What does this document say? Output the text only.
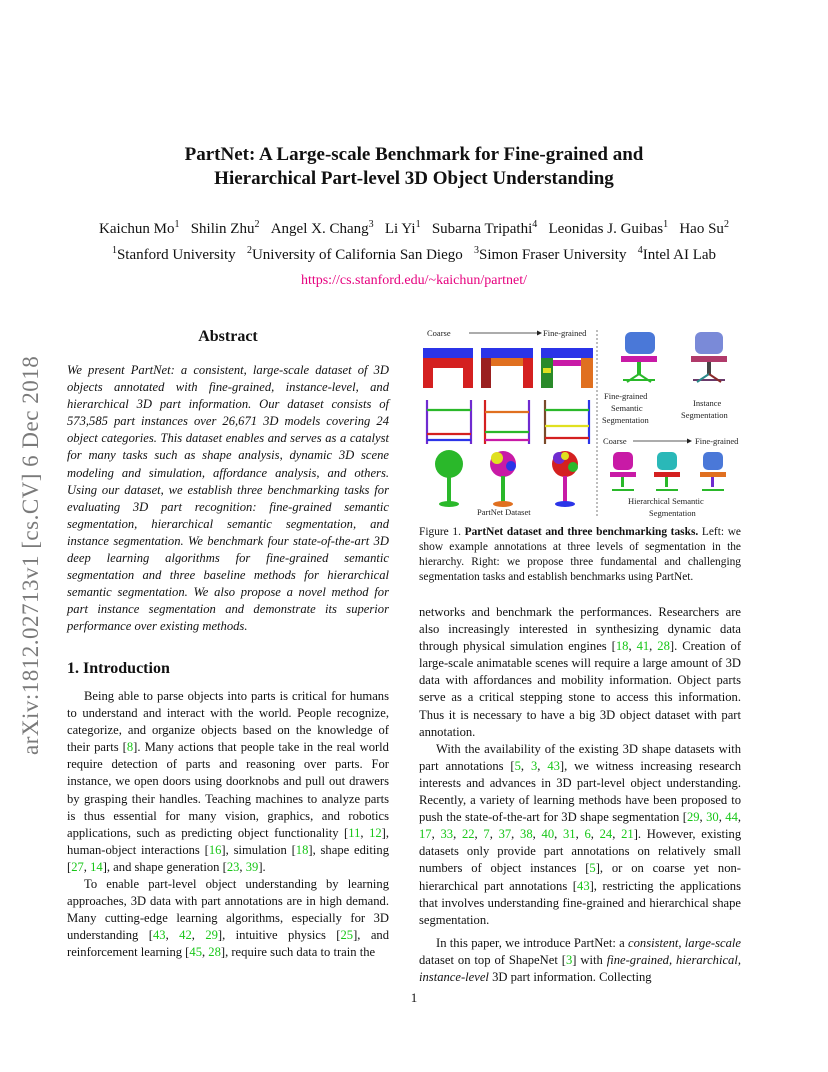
arXiv:1812.02713v1 [cs.CV] 6 Dec 2018
PartNet: A Large-scale Benchmark for Fine-grained and
Hierarchical Part-level 3D Object Understanding
Kaichun Mo$^1$ Shilin Zhu$^2$ Angel X. Chang$^3$ Li Yi$^1$ Subarna Tripathi$^4$ Leonidas J. Guibas$^1$ Hao Su$^2$
$^1$Stanford University $^2$University of California San Diego $^3$Simon Fraser University $^4$Intel AI Lab
https://cs.stanford.edu/~kaichun/partnet/
Abstract
We present PartNet: a consistent, large-scale dataset of 3D objects annotated with fine-grained, instance-level, and hierarchical 3D part information. Our dataset consists of 573,585 part instances over 26,671 3D models covering 24 object categories. This dataset enables and serves as a catalyst for many tasks such as shape analysis, dynamic 3D scene modeling and simulation, affordance analysis, and others. Using our dataset, we establish three benchmarking tasks for evaluating 3D part recognition: fine-grained semantic segmentation, hierarchical semantic segmentation, and instance segmentation. We benchmark four state-of-the-art 3D deep learning algorithms for fine-grained semantic segmentation and three baseline methods for hierarchical semantic segmentation. We also propose a novel method for part instance segmentation and demonstrate its superior performance over existing methods.
1. Introduction

Being able to parse objects into parts is critical for humans to understand and interact with the world. People recognize, categorize, and organize objects based on the knowledge of their parts [8]. Many actions that people take in the real world require detection of parts and reasoning over parts. For instance, we open doors using doorknobs and pull out drawers by grasping their handles. Teaching machines to analyze parts is thus essential for many vision, graphics, and robotics applications, such as predicting object functionality [11, 12], human-object interactions [16], simulation [18], shape editing [27, 14], and shape generation [23, 39].

To enable part-level object understanding by learning approaches, 3D data with part annotations are in high demand. Many cutting-edge learning algorithms, especially for 3D understanding [43, 42, 29], intuitive physics [25], and reinforcement learning [45, 28], require such data to train the

Coarse	Fine-grained
PartNet Dataset
Fine-grained
Semantic
Segmentation
Instance
Segmentation
Coarse	Fine-grained
Hierarchical Semantic
Segmentation
Figure 1. PartNet dataset and three benchmarking tasks. Left: we show example annotations at three levels of segmentation in the hierarchy. Right: we propose three fundamental and challenging segmentation tasks and establish benchmarks using PartNet.

networks and benchmark the performances. Researchers are also increasingly interested in synthesizing dynamic data through physical simulation engines [18, 41, 28]. Creation of large-scale animatable scenes will require a large amount of 3D data with affordances and mobility information. Object parts serve as a critical stepping stone to access this information. Thus it is necessary to have a big 3D object dataset with part annotation.

With the availability of the existing 3D shape datasets with part annotations [5, 3, 43], we witness increasing research interests and advances in 3D part-level object understanding. Recently, a variety of learning methods have been proposed to push the state-of-the-art for 3D shape segmentation [29, 30, 44, 17, 33, 22, 7, 37, 38, 40, 31, 6, 24, 21]. However, existing datasets only provide part annotations on relatively small numbers of object instances [5], or on coarse yet non-hierarchical part annotations [43], restricting the applications that involves understanding fine-grained and hierarchical shape segmentation.

In this paper, we introduce PartNet: a consistent, large-scale dataset on top of ShapeNet [3] with fine-grained, hierarchical, instance-level 3D part information. Collecting

1
